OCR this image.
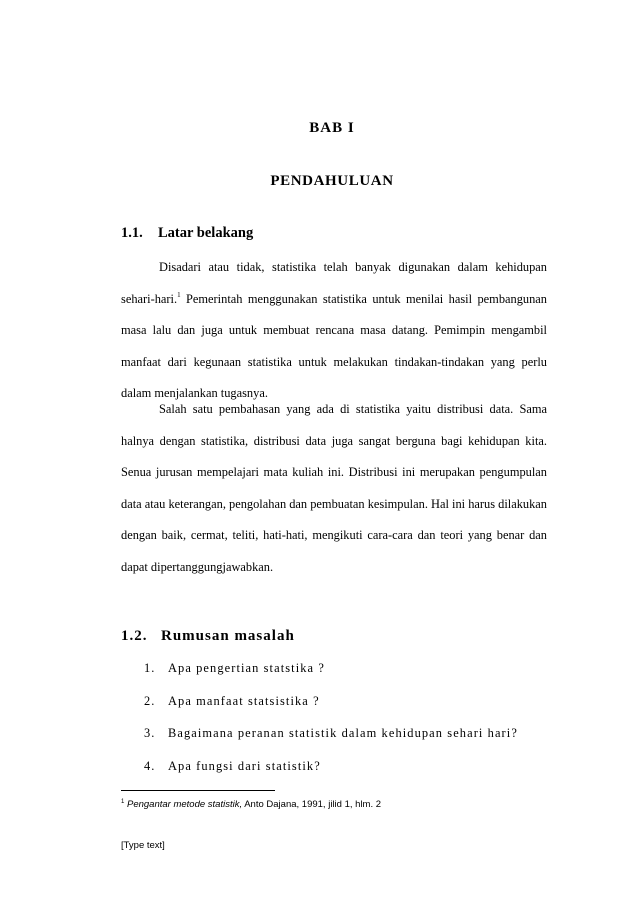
BAB I
PENDAHULUAN
1.1. Latar belakang

Disadari atau tidak, statistika telah banyak digunakan dalam kehidupan sehari-hari.$^1$ Pemerintah menggunakan statistika untuk menilai hasil pembangunan masa lalu dan juga untuk membuat rencana masa datang. Pemimpin mengambil manfaat dari kegunaan statistika untuk melakukan tindakan-tindakan yang perlu dalam menjalankan tugasnya.

Salah satu pembahasan yang ada di statistika yaitu distribusi data. Sama halnya dengan statistika, distribusi data juga sangat berguna bagi kehidupan kita. Senua jurusan mempelajari mata kuliah ini. Distribusi ini merupakan pengumpulan data atau keterangan, pengolahan dan pembuatan kesimpulan. Hal ini harus dilakukan dengan baik, cermat, teliti, hati-hati, mengikuti cara-cara dan teori yang benar dan dapat dipertanggungjawabkan.

1.2. Rumusan masalah
1. Apa pengertian statstika ?
2. Apa manfaat statsistika ?
3. Bagaimana peranan statistik dalam kehidupan sehari hari?
4. Apa fungsi dari statistik?
$^1$ Pengantar metode statistik, Anto Dajana, 1991, jilid 1, hlm. 2
[Type text]
